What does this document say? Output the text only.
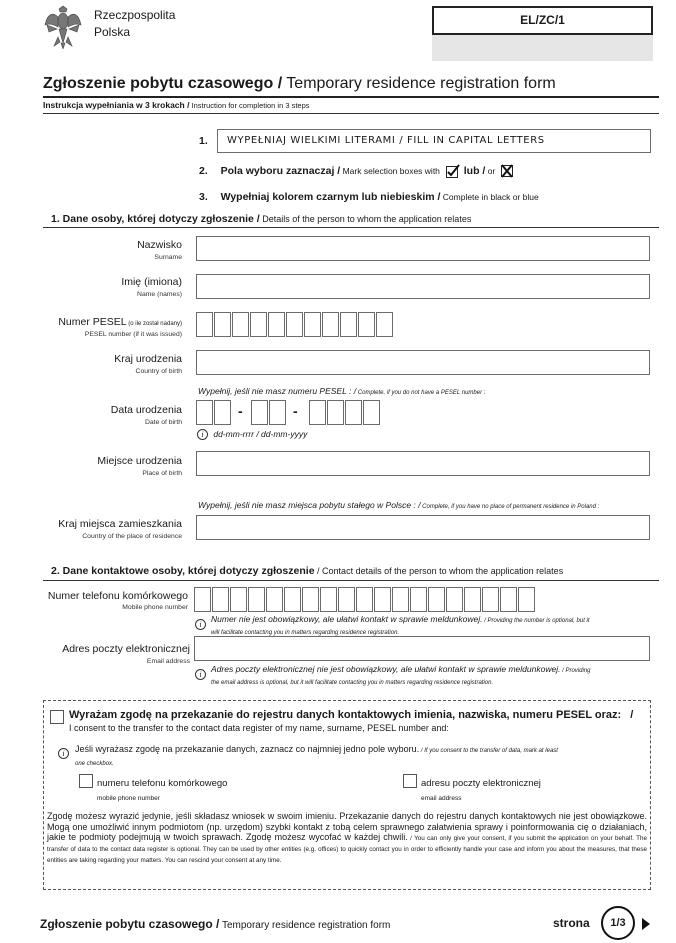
Rzeczpospolita
Polska
EL/ZC/1
Zgłoszenie pobytu czasowego / Temporary residence registration form
Instrukcja wypełniania w 3 krokach / Instruction for completion in 3 steps
1. WYPEŁNIAJ WIELKIMI LITERAMI / FILL IN CAPITAL LETTERS
2. Pola wyboru zaznaczaj / Mark selection boxes with lub / or
3. Wypełniaj kolorem czarnym lub niebieskim / Complete in black or blue
1. Dane osoby, której dotyczy zgłoszenie / Details of the person to whom the application relates
Nazwisko
Surname
Imię (imiona)
Name (names)
Numer PESEL (o ile został nadany)
PESEL number (if it was issued)
Kraj urodzenia
Country of birth
Wypełnij, jeśli nie masz numeru PESEL : / Complete, if you do not have a PESEL number :
Data urodzenia
Date of birth
-	-
i dd-mm-rrrr / dd-mm-yyyy
Miejsce urodzenia
Place of birth
Wypełnij, jeśli nie masz miejsca pobytu stałego w Polsce : / Complete, if you have no place of permanent residence in Poland :
Kraj miejsca zamieszkania
Country of the place of residence
2. Dane kontaktowe osoby, której dotyczy zgłoszenie / Contact details of the person to whom the application relates
Numer telefonu komórkowego
Mobile phone number
i
Numer nie jest obowiązkowy, ale ułatwi kontakt w sprawie meldunkowej. / Providing the number is optional, but it
will facilitate contacting you in matters regarding residence registration.
Adres poczty elektronicznej
Email address
i
Adres poczty elektronicznej nie jest obowiązkowy, ale ułatwi kontakt w sprawie meldunkowej. / Providing
the email address is optional, but it will facilitate contacting you in matters regarding residence registration.
Wyrażam zgodę na przekazanie do rejestru danych kontaktowych imienia, nazwiska, numeru PESEL oraz: /
I consent to the transfer to the contact data register of my name, surname, PESEL number and:
i	Jeśli wyrażasz zgodę na przekazanie danych, zaznacz co najmniej jedno pole wyboru. / If you consent to the transfer of data, mark at least
one checkbox.
numeru telefonu komórkowego
mobile phone number
adresu poczty elektronicznej
email address
Zgodę możesz wyrazić jedynie, jeśli składasz wniosek w swoim imieniu. Przekazanie danych do rejestru danych kontaktowych nie jest obowiązkowe. Mogą one umożliwić innym podmiotom (np. urzędom) szybki kontakt z tobą celem sprawnego załatwienia sprawy i poinformowania cię o działaniach, jakie te podmioty podejmują w twoich sprawach. Zgodę możesz wycofać w każdej chwili. / You can only give your consent, if you submit the application on your behalf. The transfer of data to the contact data register is optional. They can be used by other entities (e.g. offices) to quickly contact you in order to efficiently handle your case and inform you about the measures, that these entities are taking regarding your matters. You can rescind your consent at any time.
Zgłoszenie pobytu czasowego / Temporary residence registration form	strona	1/3
